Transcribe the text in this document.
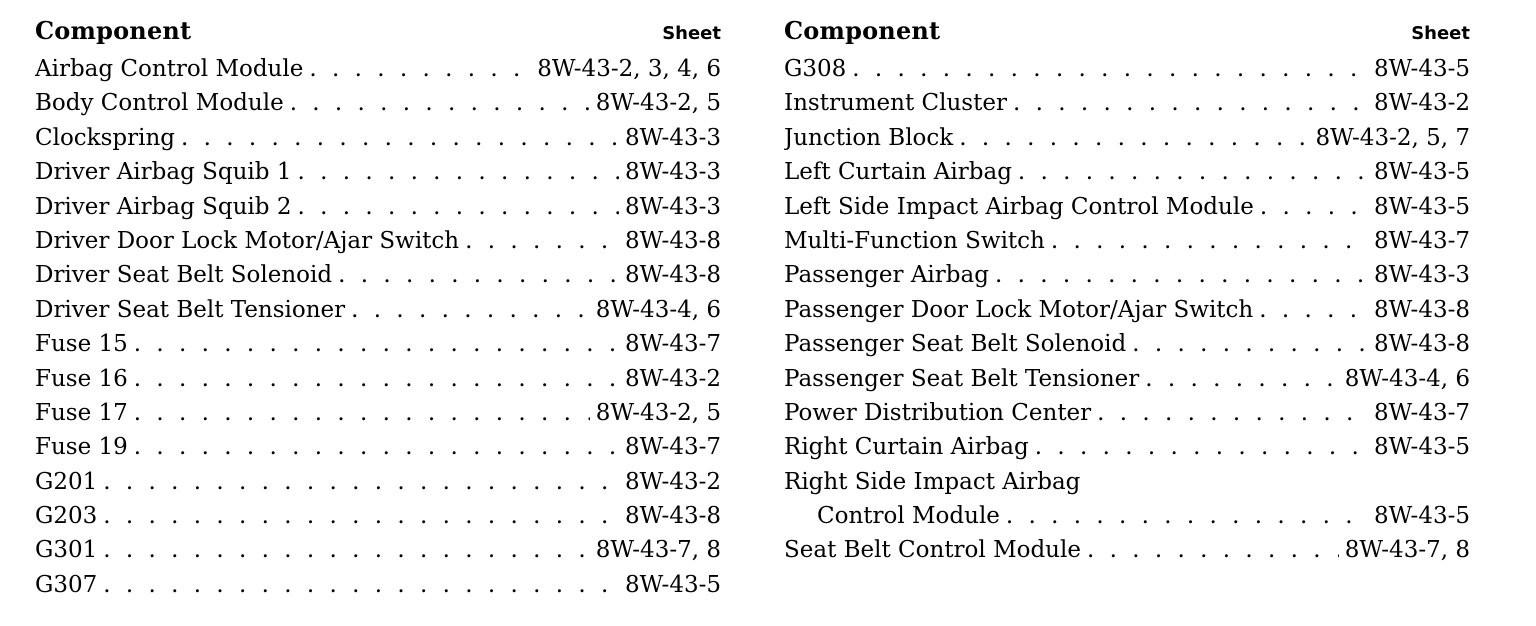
Component	Sheet
Airbag Control Module . . .	8W-43-2, 3, 4, 6
Body Control Module . . .	8W-43-2, 5
Clockspring . . .	8W-43-3
Driver Airbag Squib 1 . . .	8W-43-3
Driver Airbag Squib 2 . . .	8W-43-3
Driver Door Lock Motor/Ajar Switch . . .	8W-43-8
Driver Seat Belt Solenoid . . .	8W-43-8
Driver Seat Belt Tensioner . . .	8W-43-4, 6
Fuse 15 . . .	8W-43-7
Fuse 16 . . .	8W-43-2
Fuse 17 . . .	8W-43-2, 5
Fuse 19 . . .	8W-43-7
G201 . . .	8W-43-2
G203 . . .	8W-43-8
G301 . . .	8W-43-7, 8
G307 . . .	8W-43-5
Component	Sheet
G308 . . .	8W-43-5
Instrument Cluster . . .	8W-43-2
Junction Block . . .	8W-43-2, 5, 7
Left Curtain Airbag . . .	8W-43-5
Left Side Impact Airbag Control Module . . .	8W-43-5
Multi-Function Switch . . .	8W-43-7
Passenger Airbag . . .	8W-43-3
Passenger Door Lock Motor/Ajar Switch . . .	8W-43-8
Passenger Seat Belt Solenoid . . .	8W-43-8
Passenger Seat Belt Tensioner . . .	8W-43-4, 6
Power Distribution Center . . .	8W-43-7
Right Curtain Airbag . . .	8W-43-5
Right Side Impact Airbag
Control Module . . .	8W-43-5
Seat Belt Control Module . . .	8W-43-7, 8
